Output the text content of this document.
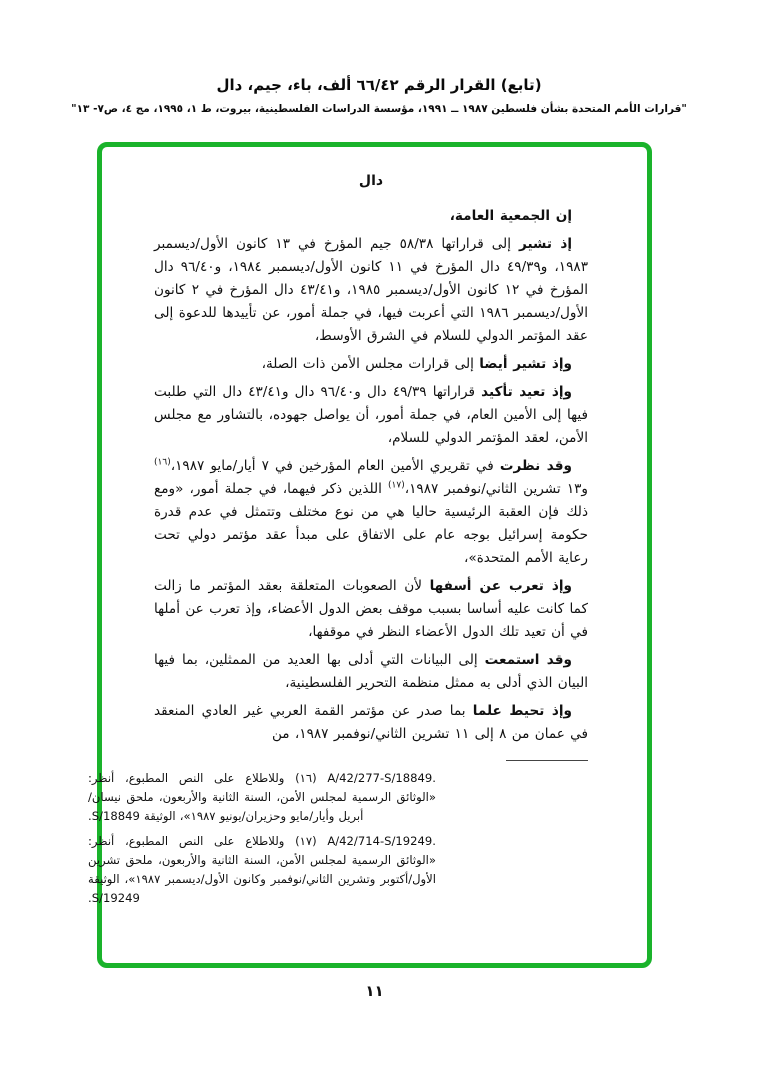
(تابع) القرار الرقم ٦٦/٤٢ ألف، باء، جيم، دال
"قرارات الأمم المتحدة بشأن فلسطين ١٩٨٧ ــ ١٩٩١، مؤسسة الدراسات الفلسطينية، بيروت، ط ١، ١٩٩٥، مج ٤، ص٧- ١٣"
دال

إن الجمعية العامة،

إذ تشير إلى قراراتها ٥٨/٣٨ جيم المؤرخ في ١٣ كانون الأول/ديسمبر ١٩٨٣، و٤٩/٣٩ دال المؤرخ في ١١ كانون الأول/ديسمبر ١٩٨٤، و٩٦/٤٠ دال المؤرخ في ١٢ كانون الأول/ديسمبر ١٩٨٥، و٤٣/٤١ دال المؤرخ في ٢ كانون الأول/ديسمبر ١٩٨٦ التي أعربت فيها، في جملة أمور، عن تأييدها للدعوة إلى عقد المؤتمر الدولي للسلام في الشرق الأوسط،

وإذ تشير أيضا إلى قرارات مجلس الأمن ذات الصلة،

وإذ تعيد تأكيد قراراتها ٤٩/٣٩ دال و٩٦/٤٠ دال و٤٣/٤١ دال التي طلبت فيها إلى الأمين العام، في جملة أمور، أن يواصل جهوده، بالتشاور مع مجلس الأمن، لعقد المؤتمر الدولي للسلام،

وقد نظرت في تقريري الأمين العام المؤرخين في ٧ أيار/مايو ١٩٨٧،$^{(١٦)}$ و١٣ تشرين الثاني/نوفمبر ١٩٨٧،$^{(١٧)}$ اللذين ذكر فيهما، في جملة أمور، «ومع ذلك فإن العقبة الرئيسية حاليا هي من نوع مختلف وتتمثل في عدم قدرة حكومة إسرائيل بوجه عام على الاتفاق على مبدأ عقد مؤتمر دولي تحت رعاية الأمم المتحدة»،

وإذ تعرب عن أسفها لأن الصعوبات المتعلقة بعقد المؤتمر ما زالت كما كانت عليه أساسا بسبب موقف بعض الدول الأعضاء، وإذ تعرب عن أملها في أن تعيد تلك الدول الأعضاء النظر في موقفها،

وقد استمعت إلى البيانات التي أدلى بها العديد من الممثلين، بما فيها البيان الذي أدلى به ممثل منظمة التحرير الفلسطينية،

وإذ تحيط علما بما صدر عن مؤتمر القمة العربي غير العادي المنعقد في عمان من ٨ إلى ١١ تشرين الثاني/نوفمبر ١٩٨٧، من

(١٦) A/42/277-S/18849. وللاطلاع على النص المطبوع، أنظر: «الوثائق الرسمية لمجلس الأمن، السنة الثانية والأربعون، ملحق نيسان/أبريل وأيار/مايو وحزيران/يونيو ١٩٨٧»، الوثيقة S/18849.

(١٧) A/42/714-S/19249. وللاطلاع على النص المطبوع، أنظر: «الوثائق الرسمية لمجلس الأمن، السنة الثانية والأربعون، ملحق تشرين الأول/أكتوبر وتشرين الثاني/نوفمبر وكانون الأول/ديسمبر ١٩٨٧»، الوثيقة S/19249.

١١
